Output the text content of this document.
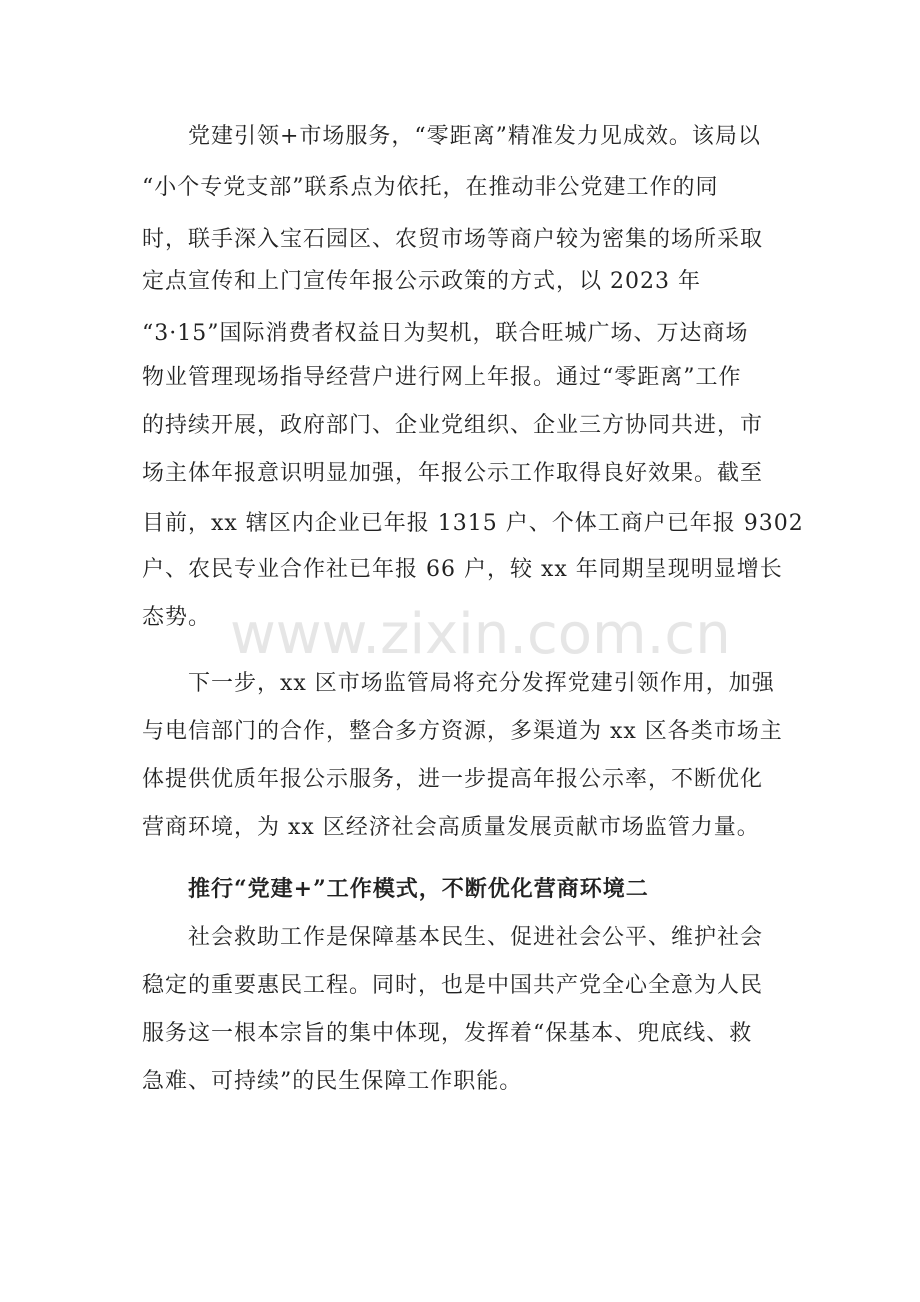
www.zixin.com.cn
党建引领+市场服务，“零距离”精准发力见成效。该局以
“小个专党支部”联系点为依托，在推动非公党建工作的同
时，联手深入宝石园区、农贸市场等商户较为密集的场所采取
定点宣传和上门宣传年报公示政策的方式，以 2023 年
“3·15”国际消费者权益日为契机，联合旺城广场、万达商场
物业管理现场指导经营户进行网上年报。通过“零距离”工作
的持续开展，政府部门、企业党组织、企业三方协同共进，市
场主体年报意识明显加强，年报公示工作取得良好效果。截至
目前，xx 辖区内企业已年报 1315 户、个体工商户已年报 9302
户、农民专业合作社已年报 66 户，较 xx 年同期呈现明显增长
态势。
下一步，xx 区市场监管局将充分发挥党建引领作用，加强
与电信部门的合作，整合多方资源，多渠道为 xx 区各类市场主
体提供优质年报公示服务，进一步提高年报公示率，不断优化
营商环境，为 xx 区经济社会高质量发展贡献市场监管力量。
推行“党建+”工作模式，不断优化营商环境二
社会救助工作是保障基本民生、促进社会公平、维护社会
稳定的重要惠民工程。同时，也是中国共产党全心全意为人民
服务这一根本宗旨的集中体现，发挥着“保基本、兜底线、救
急难、可持续”的民生保障工作职能。
